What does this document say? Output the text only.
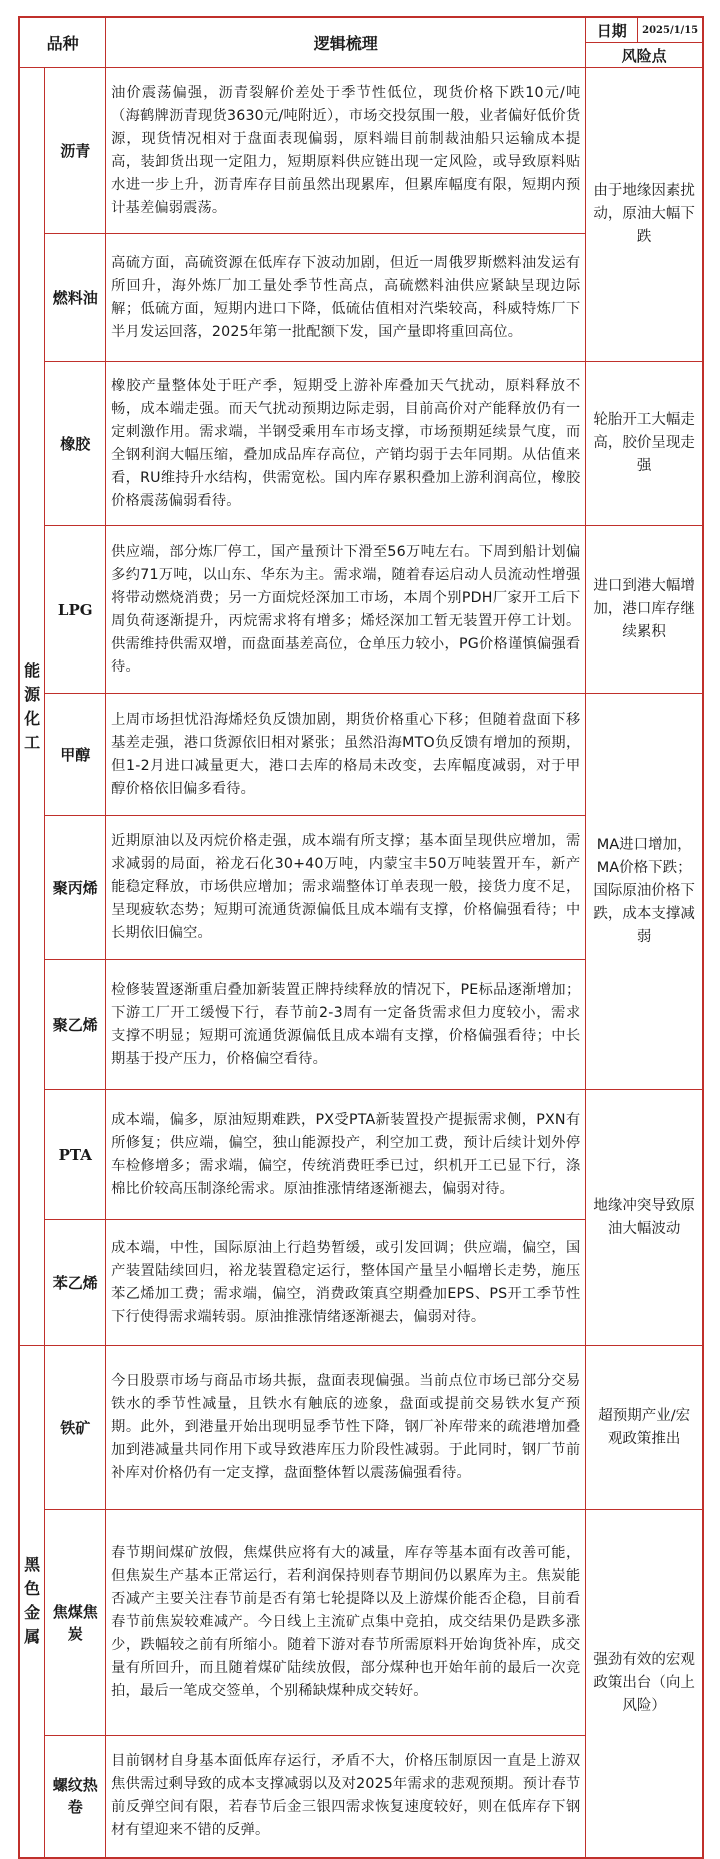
品种	逻辑梳理	
日期	2025/1/15

风险点
能源化工	沥青	油价震荡偏强，沥青裂解价差处于季节性低位，现货价格下跌10元/吨（海鹤牌沥青现货3630元/吨附近），市场交投氛围一般，业者偏好低价货源，现货情况相对于盘面表现偏弱，原料端目前制裁油船只运输成本提高，装卸货出现一定阻力，短期原料供应链出现一定风险，或导致原料贴水进一步上升，沥青库存目前虽然出现累库，但累库幅度有限，短期内预计基差偏弱震荡。	由于地缘因素扰动，原油大幅下跌
燃料油	高硫方面，高硫资源在低库存下波动加剧，但近一周俄罗斯燃料油发运有所回升，海外炼厂加工量处季节性高点，高硫燃料油供应紧缺呈现边际解；低硫方面，短期内进口下降，低硫估值相对汽柴较高，科威特炼厂下半月发运回落，2025年第一批配额下发，国产量即将重回高位。
橡胶	橡胶产量整体处于旺产季，短期受上游补库叠加天气扰动，原料释放不畅，成本端走强。而天气扰动预期边际走弱，目前高价对产能释放仍有一定刺激作用。需求端，半钢受乘用车市场支撑，市场预期延续景气度，而全钢利润大幅压缩，叠加成品库存高位，产销均弱于去年同期。从估值来看，RU维持升水结构，供需宽松。国内库存累积叠加上游利润高位，橡胶价格震荡偏弱看待。	轮胎开工大幅走高，胶价呈现走强
LPG	供应端，部分炼厂停工，国产量预计下滑至56万吨左右。下周到船计划偏多约71万吨，以山东、华东为主。需求端，随着春运启动人员流动性增强将带动燃烧消费；另一方面烷烃深加工市场，本周个别PDH厂家开工后下周负荷逐渐提升，丙烷需求将有增多；烯烃深加工暂无装置开停工计划。供需维持供需双增，而盘面基差高位，仓单压力较小，PG价格谨慎偏强看待。	进口到港大幅增加，港口库存继续累积
甲醇	上周市场担忧沿海烯烃负反馈加剧，期货价格重心下移；但随着盘面下移基差走强，港口货源依旧相对紧张；虽然沿海MTO负反馈有增加的预期，但1-2月进口减量更大，港口去库的格局未改变，去库幅度减弱，对于甲醇价格依旧偏多看待。	MA进口增加，MA价格下跌；国际原油价格下跌，成本支撑减弱
聚丙烯	近期原油以及丙烷价格走强，成本端有所支撑；基本面呈现供应增加，需求减弱的局面，裕龙石化30+40万吨，内蒙宝丰50万吨装置开车，新产能稳定释放，市场供应增加；需求端整体订单表现一般，接货力度不足，呈现疲软态势；短期可流通货源偏低且成本端有支撑，价格偏强看待；中长期依旧偏空。
聚乙烯	检修装置逐渐重启叠加新装置正牌持续释放的情况下，PE标品逐渐增加；下游工厂开工缓慢下行，春节前2-3周有一定备货需求但力度较小，需求支撑不明显；短期可流通货源偏低且成本端有支撑，价格偏强看待；中长期基于投产压力，价格偏空看待。
PTA	成本端，偏多，原油短期难跌，PX受PTA新装置投产提振需求侧，PXN有所修复；供应端，偏空，独山能源投产，利空加工费，预计后续计划外停车检修增多；需求端，偏空，传统消费旺季已过，织机开工已显下行，涤棉比价较高压制涤纶需求。原油推涨情绪逐渐褪去，偏弱对待。	地缘冲突导致原油大幅波动
苯乙烯	成本端，中性，国际原油上行趋势暂缓，或引发回调；供应端，偏空，国产装置陆续回归，裕龙装置稳定运行，整体国产量呈小幅增长走势，施压苯乙烯加工费；需求端，偏空，消费政策真空期叠加EPS、PS开工季节性下行使得需求端转弱。原油推涨情绪逐渐褪去，偏弱对待。
黑色金属	铁矿	今日股票市场与商品市场共振，盘面表现偏强。当前点位市场已部分交易铁水的季节性减量，且铁水有触底的迹象，盘面或提前交易铁水复产预期。此外，到港量开始出现明显季节性下降，钢厂补库带来的疏港增加叠加到港减量共同作用下或导致港库压力阶段性减弱。于此同时，钢厂节前补库对价格仍有一定支撑，盘面整体暂以震荡偏强看待。	超预期产业/宏观政策推出
焦煤焦炭	春节期间煤矿放假，焦煤供应将有大的减量，库存等基本面有改善可能，但焦炭生产基本正常运行，若利润保持则春节期间仍以累库为主。焦炭能否减产主要关注春节前是否有第七轮提降以及上游煤价能否企稳，目前看春节前焦炭较难减产。今日线上主流矿点集中竞拍，成交结果仍是跌多涨少，跌幅较之前有所缩小。随着下游对春节所需原料开始询货补库，成交量有所回升，而且随着煤矿陆续放假，部分煤种也开始年前的最后一次竞拍，最后一笔成交签单，个别稀缺煤种成交转好。	强劲有效的宏观政策出台（向上风险）
螺纹热卷	目前钢材自身基本面低库存运行，矛盾不大，价格压制原因一直是上游双焦供需过剩导致的成本支撑减弱以及对2025年需求的悲观预期。预计春节前反弹空间有限，若春节后金三银四需求恢复速度较好，则在低库存下钢材有望迎来不错的反弹。
